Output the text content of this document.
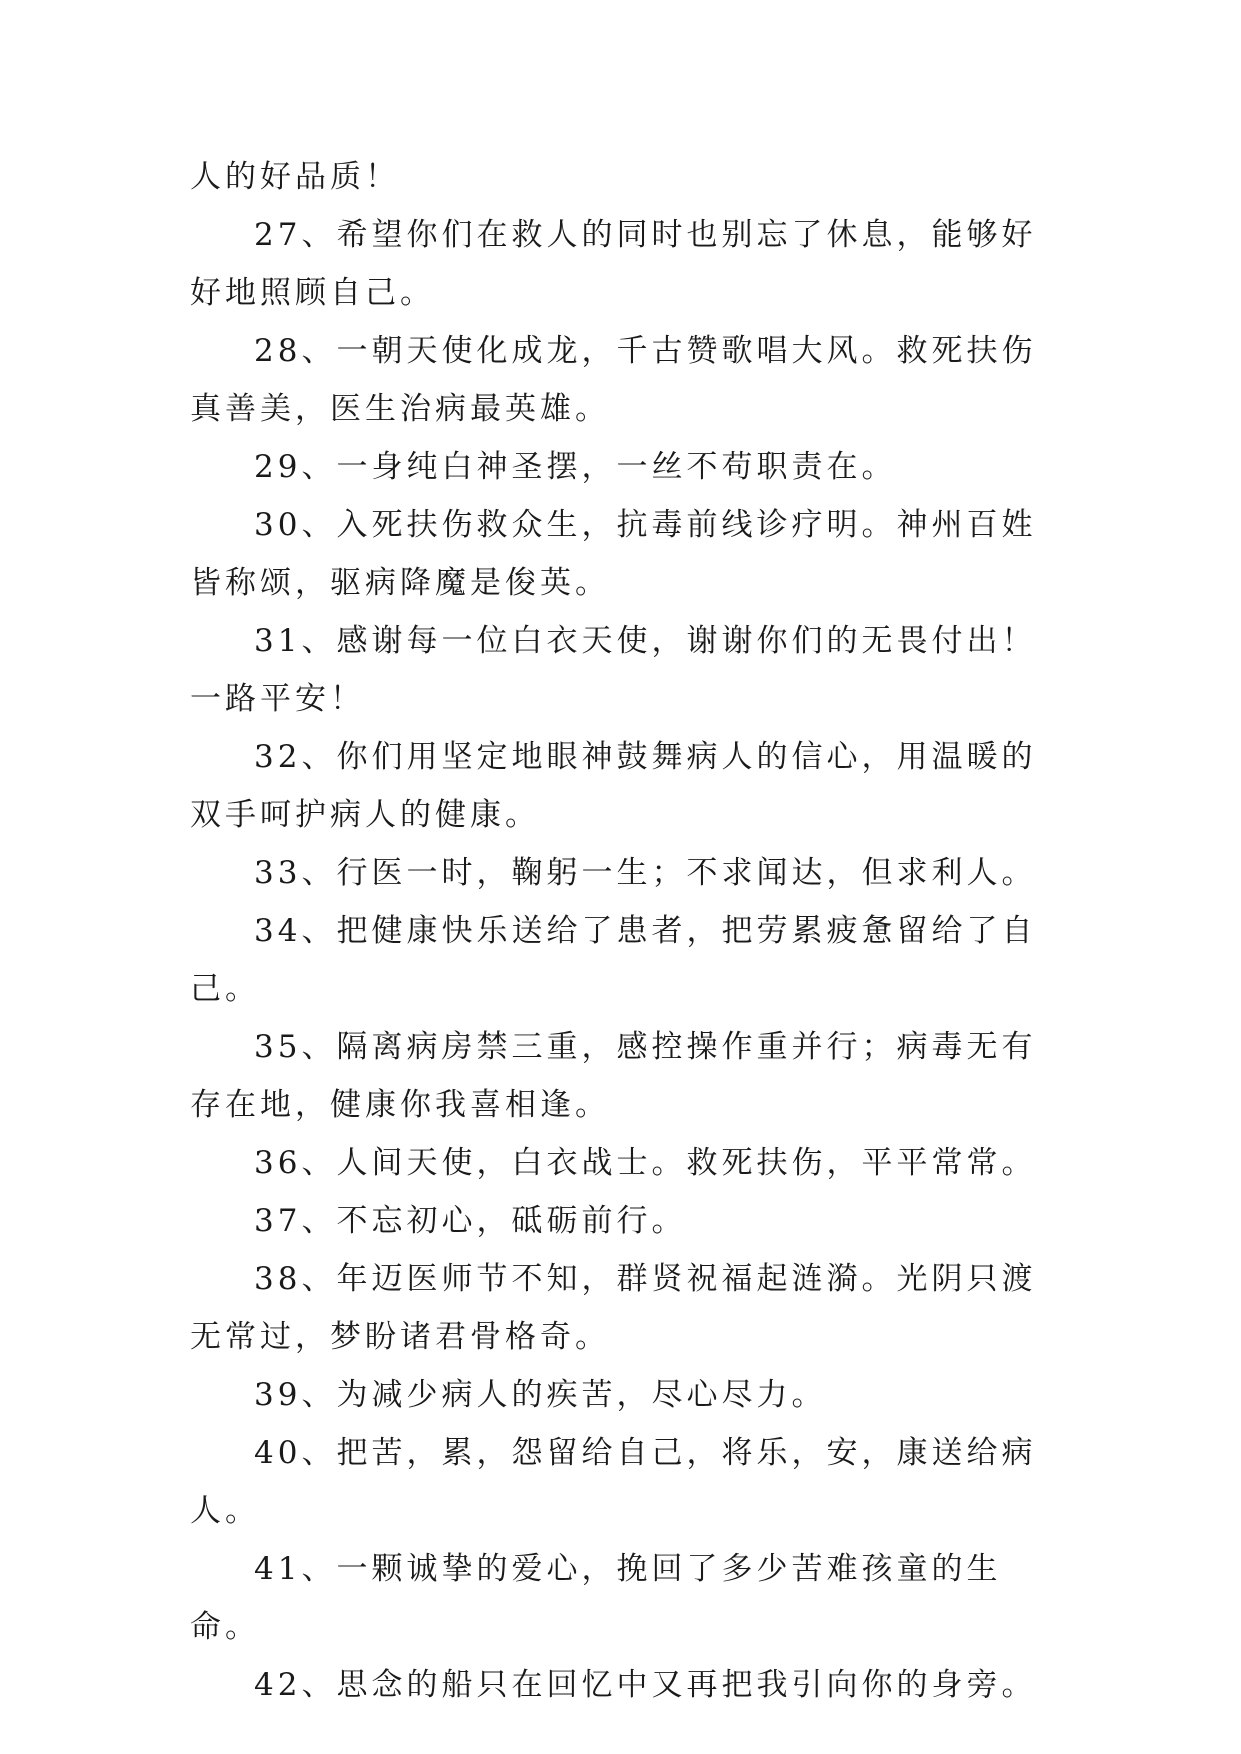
人的好品质！

27、希望你们在救人的同时也别忘了休息，能够好好地照顾自己。

28、一朝天使化成龙，千古赞歌唱大风。救死扶伤真善美，医生治病最英雄。

29、一身纯白神圣摆，一丝不苟职责在。

30、入死扶伤救众生，抗毒前线诊疗明。神州百姓皆称颂，驱病降魔是俊英。

31、感谢每一位白衣天使，谢谢你们的无畏付出！一路平安！

32、你们用坚定地眼神鼓舞病人的信心，用温暖的双手呵护病人的健康。

33、行医一时，鞠躬一生；不求闻达，但求利人。

34、把健康快乐送给了患者，把劳累疲惫留给了自己。

35、隔离病房禁三重，感控操作重并行；病毒无有存在地，健康你我喜相逢。

36、人间天使，白衣战士。救死扶伤，平平常常。

37、不忘初心，砥砺前行。

38、年迈医师节不知，群贤祝福起涟漪。光阴只渡无常过，梦盼诸君骨格奇。

39、为减少病人的疾苦，尽心尽力。

40、把苦，累，怨留给自己，将乐，安，康送给病人。

41、一颗诚挚的爱心，挽回了多少苦难孩童的生命。

42、思念的船只在回忆中又再把我引向你的身旁。
